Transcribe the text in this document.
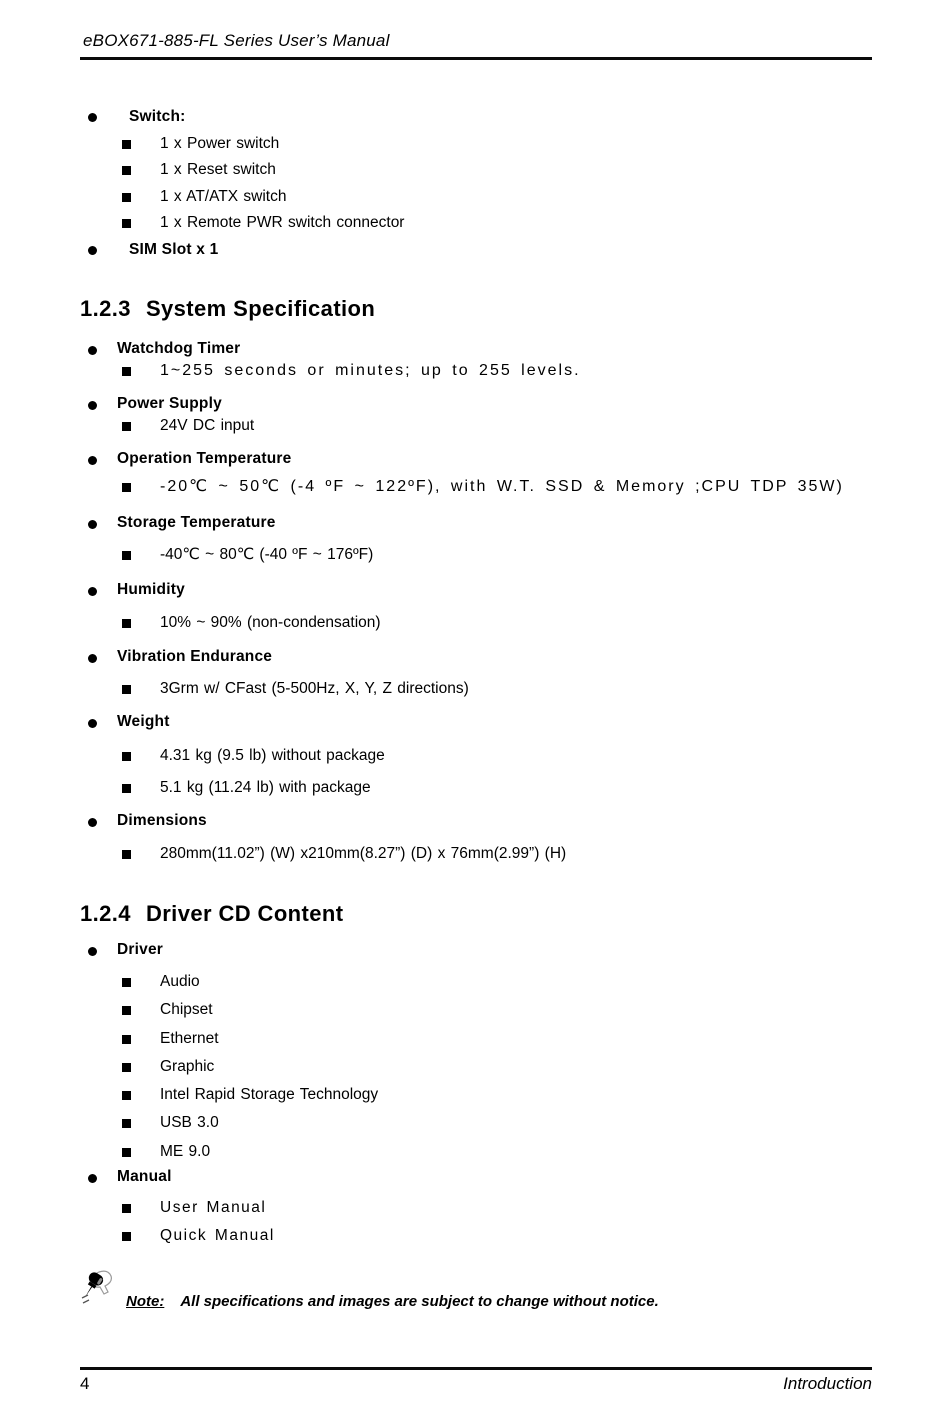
eBOX671-885-FL Series User’s Manual
Switch:
1 x Power switch
1 x Reset switch
1 x AT/ATX switch
1 x Remote PWR switch connector
SIM Slot x 1
1.2.3 System Specification
Watchdog Timer
1~255 seconds or minutes; up to 255 levels.
Power Supply
24V DC input
Operation Temperature
-20℃ ~ 50℃ (-4 ºF ~ 122ºF), with W.T. SSD & Memory ;CPU TDP 35W)
Storage Temperature
-40℃ ~ 80℃ (-40 ºF ~ 176ºF)
Humidity
10% ~ 90% (non-condensation)
Vibration Endurance
3Grm w/ CFast (5-500Hz, X, Y, Z directions)
Weight
4.31 kg (9.5 lb) without package
5.1 kg (11.24 lb) with package
Dimensions
280mm(11.02”) (W) x210mm(8.27”) (D) x 76mm(2.99”) (H)
1.2.4 Driver CD Content
Driver
Audio
Chipset
Ethernet
Graphic
Intel Rapid Storage Technology
USB 3.0
ME 9.0
Manual
User Manual
Quick Manual
Note: All specifications and images are subject to change without notice.
4	Introduction
